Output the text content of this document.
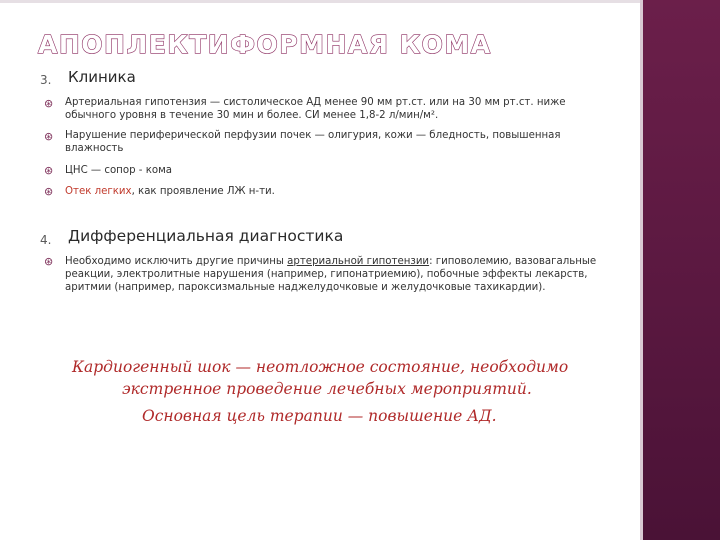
АПОПЛЕКТИФОРМНАЯ КОМА
3. Клиника
⊛ Артериальная гипотензия — систолическое АД менее 90 мм рт.ст. или на 30 мм рт.ст. ниже обычного уровня в течение 30 мин и более. СИ менее 1,8-2 л/мин/м².
⊛ Нарушение периферической перфузии почек — олигурия, кожи — бледность, повышенная влажность
⊛ ЦНС — сопор - кома
⊛ Отек легких, как проявление ЛЖ н-ти.
4. Дифференциальная диагностика
⊛ Необходимо исключить другие причины артериальной гипотензии: гиповолемию, вазовагальные реакции, электролитные нарушения (например, гипонатриемию), побочные эффекты лекарств, аритмии (например, пароксизмальные наджелудочковые и желудочковые тахикардии).
Кардиогенный шок — неотложное состояние, необходимо
экстренное проведение лечебных мероприятий.
Основная цель терапии — повышение АД.
